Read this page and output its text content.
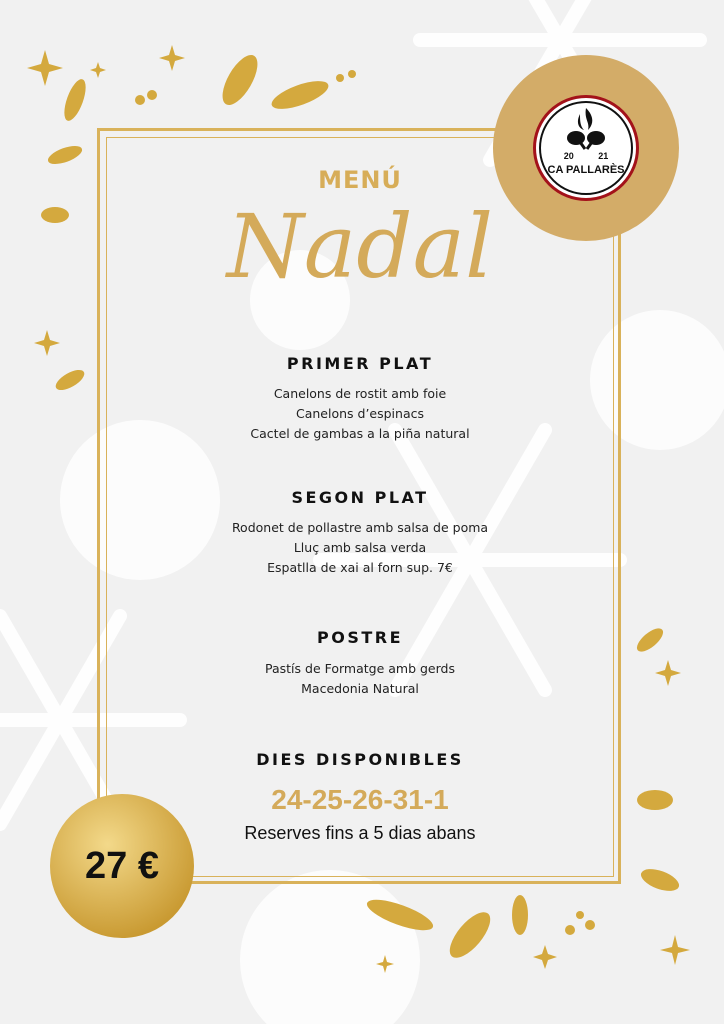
20	21
CA PALLARÈS
MENÚ
Nadal
PRIMER PLAT
Canelons de rostit amb foie
Canelons d’espinacs
Cactel de gambas a la piña natural
SEGON PLAT
Rodonet de pollastre amb salsa de poma
Lluç amb salsa verda
Espatlla de xai al forn sup. 7€
POSTRE
Pastís de Formatge amb gerds
Macedonia Natural
DIES DISPONIBLES
24-25-26-31-1
Reserves fins a 5 dias abans
27 €
